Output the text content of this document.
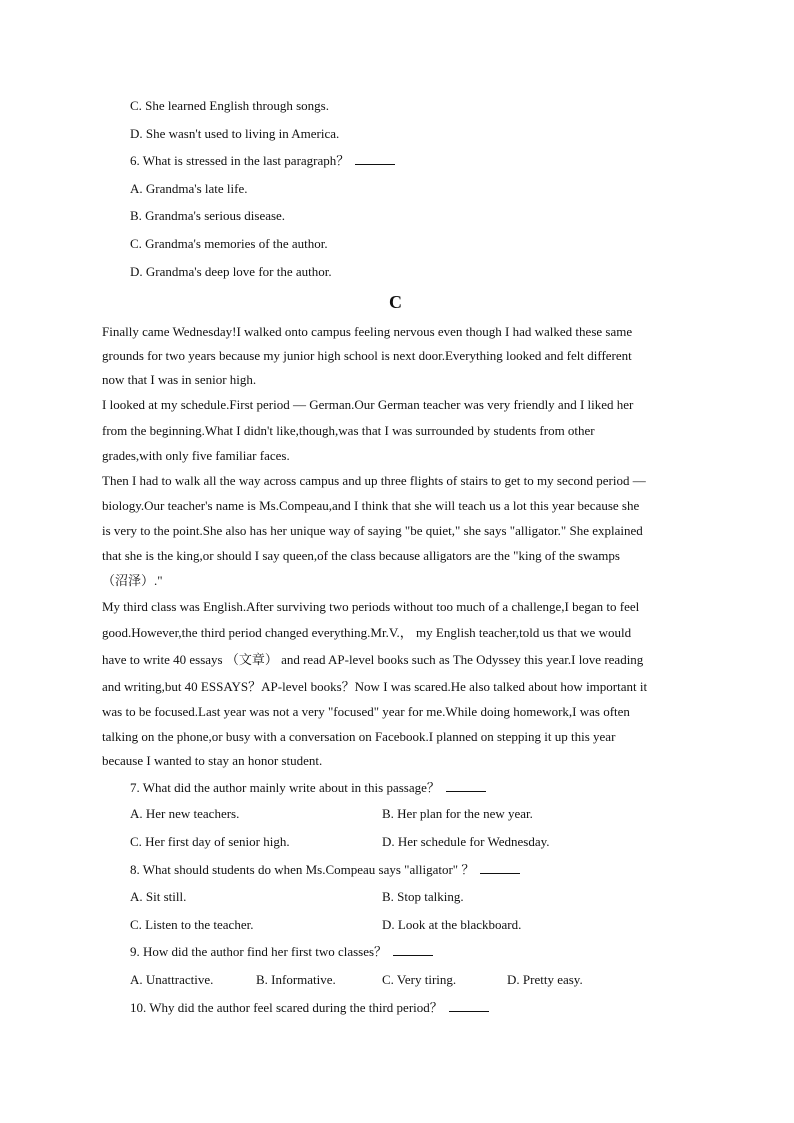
C. She learned English through songs.
D. She wasn't used to living in America.
6. What is stressed in the last paragraph？
A. Grandma's late life.
B. Grandma's serious disease.
C. Grandma's memories of the author.
D. Grandma's deep love for the author.
C
Finally came Wednesday!I walked onto campus feeling nervous even though I had walked these same
grounds for two years because my junior high school is next door.Everything looked and felt different
now that I was in senior high.
I looked at my schedule.First period — German.Our German teacher was very friendly and I liked her
from the beginning.What I didn't like,though,was that I was surrounded by students from other
grades,with only five familiar faces.
Then I had to walk all the way across campus and up three flights of stairs to get to my second period —
biology.Our teacher's name is Ms.Compeau,and I think that she will teach us a lot this year because she
is very to the point.She also has her unique way of saying "be quiet," she says "alligator." She explained
that she is the king,or should I say queen,of the class because alligators are the "king of the swamps
（沼泽）."
My third class was English.After surviving two periods without too much of a challenge,I began to feel
good.However,the third period changed everything.Mr.V.， my English teacher,told us that we would
have to write 40 essays （文章） and read AP-level books such as The Odyssey this year.I love reading
and writing,but 40 ESSAYS？AP-level books？Now I was scared.He also talked about how important it
was to be focused.Last year was not a very "focused" year for me.While doing homework,I was often
talking on the phone,or busy with a conversation on Facebook.I planned on stepping it up this year
because I wanted to stay an honor student.
7. What did the author mainly write about in this passage？
A. Her new teachers.	B. Her plan for the new year.
C. Her first day of senior high.	D. Her schedule for Wednesday.
8. What should students do when Ms.Compeau says "alligator" ？
A. Sit still.	B. Stop talking.
C. Listen to the teacher.	D. Look at the blackboard.
9. How did the author find her first two classes？
A. Unattractive.	B. Informative.	C. Very tiring.	D. Pretty easy.
10. Why did the author feel scared during the third period？
